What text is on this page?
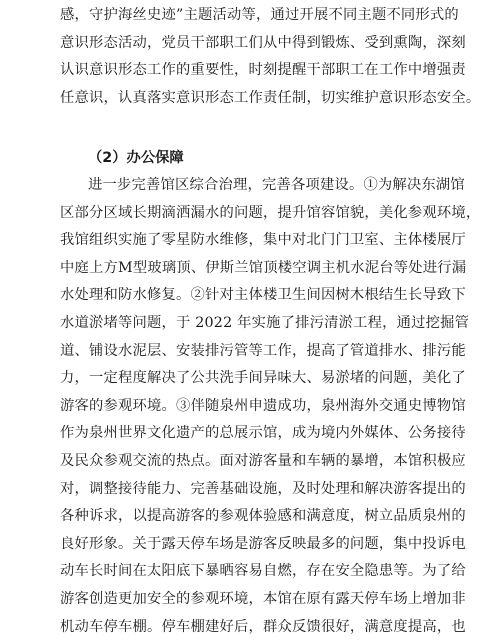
感，守护海丝史迹”主题活动等，通过开展不同主题不同形式的
意识形态活动，党员干部职工们从中得到锻炼、受到熏陶，深刻
认识意识形态工作的重要性，时刻提醒干部职工在工作中增强责
任意识，认真落实意识形态工作责任制，切实维护意识形态安全。
（2）办公保障
进一步完善馆区综合治理，完善各项建设。①为解决东湖馆
区部分区域长期滴洒漏水的问题，提升馆容馆貌，美化参观环境，
我馆组织实施了零星防水维修，集中对北门门卫室、主体楼展厅
中庭上方M型玻璃顶、伊斯兰馆顶楼空调主机水泥台等处进行漏
水处理和防水修复。②针对主体楼卫生间因树木根结生长导致下
水道淤堵等问题，于 2022 年实施了排污清淤工程，通过挖掘管
道、铺设水泥层、安装排污管等工作，提高了管道排水、排污能
力，一定程度解决了公共洗手间异味大、易淤堵的问题，美化了
游客的参观环境。③伴随泉州申遗成功，泉州海外交通史博物馆
作为泉州世界文化遗产的总展示馆，成为境内外媒体、公务接待
及民众参观交流的热点。面对游客量和车辆的暴增，本馆积极应
对，调整接待能力、完善基础设施，及时处理和解决游客提出的
各种诉求，以提高游客的参观体验感和满意度，树立品质泉州的
良好形象。关于露天停车场是游客反映最多的问题，集中投诉电
动车长时间在太阳底下暴晒容易自燃，存在安全隐患等。为了给
游客创造更加安全的参观环境，本馆在原有露天停车场上增加非
机动车停车棚。停车棚建好后，群众反馈很好，满意度提高，也
